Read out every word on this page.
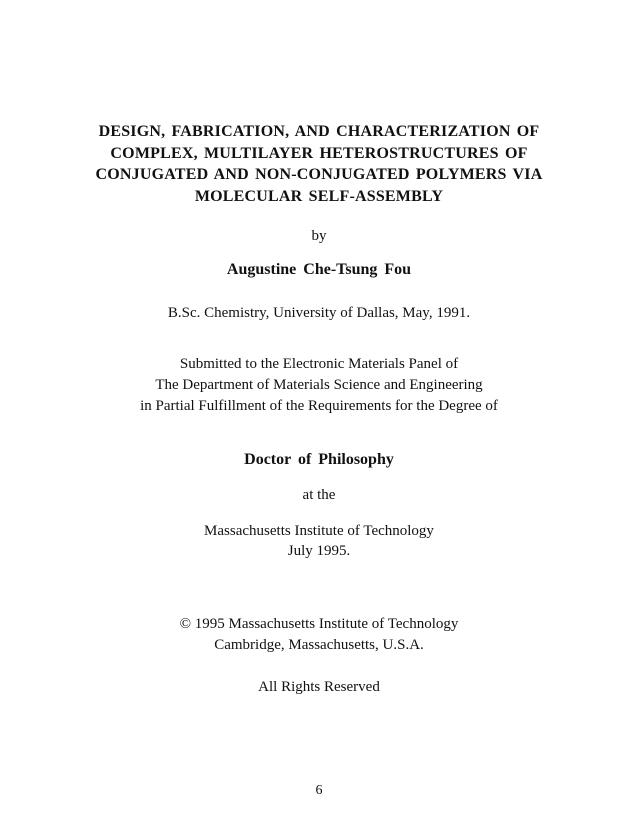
DESIGN, FABRICATION, AND CHARACTERIZATION OF
COMPLEX, MULTILAYER HETEROSTRUCTURES OF
CONJUGATED AND NON-CONJUGATED POLYMERS VIA
MOLECULAR SELF-ASSEMBLY
by
Augustine Che-Tsung Fou
B.Sc. Chemistry, University of Dallas, May, 1991.
Submitted to the Electronic Materials Panel of
The Department of Materials Science and Engineering
in Partial Fulfillment of the Requirements for the Degree of
Doctor of Philosophy
at the
Massachusetts Institute of Technology
July 1995.
© 1995 Massachusetts Institute of Technology
Cambridge, Massachusetts, U.S.A.
All Rights Reserved
6
